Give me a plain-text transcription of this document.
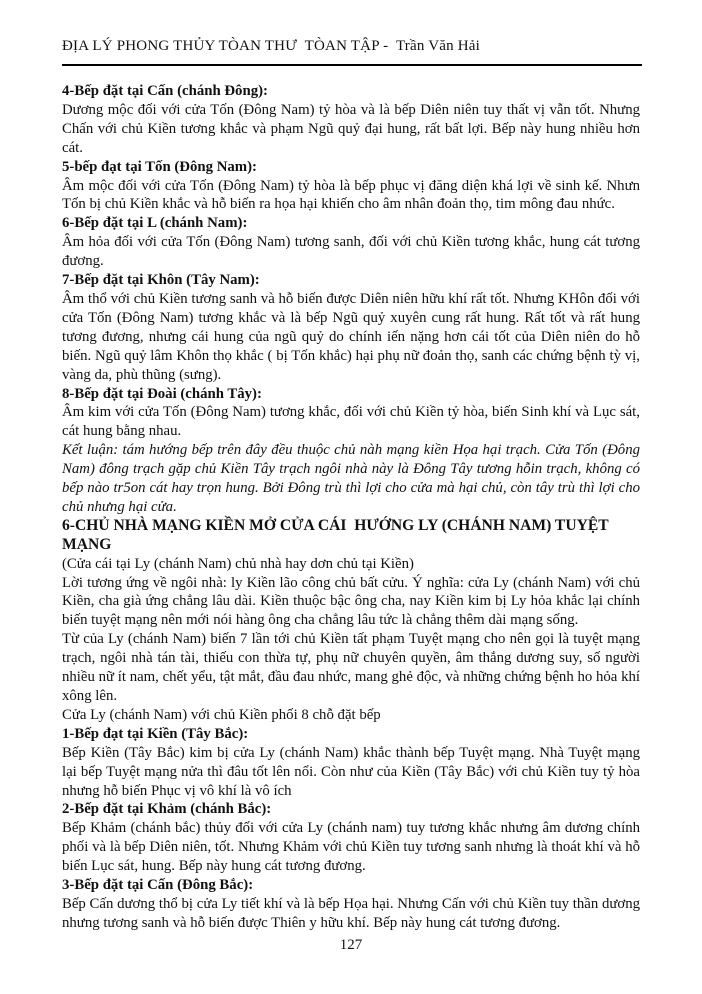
ĐỊA LÝ PHONG THỦY TÒAN THƯ  TÒAN TẬP -  Trần Văn Hải
4-Bếp đặt tại Cấn (chánh Đông):
Dương mộc đối với cửa Tốn (Đông Nam) tỷ hòa và là bếp Diên niên tuy thất vị vẫn tốt. Nhưng Chấn với chủ Kiền tương khắc và phạm Ngũ quỷ đại hung, rất bất lợi. Bếp này hung nhiều hơn cát.
5-bếp đạt tại Tốn (Đông Nam):
Âm mộc đối với cửa Tốn (Đông Nam) tỷ hòa là bếp phục vị đăng diện khá lợi về sinh kế. Nhưn Tốn bị chủ Kiền khắc và hỗ biến ra họa hại khiến cho âm nhân đoản thọ, tim mông đau nhức.
6-Bếp đặt tại L (chánh Nam):
Âm hỏa đối với cửa Tốn (Đông Nam) tương sanh, đối với chủ Kiền tương khắc, hung cát tương đương.
7-Bếp đặt tại Khôn (Tây Nam):
Âm thổ với chủ Kiền tương sanh và hỗ biến được Diên niên hữu khí rất tốt. Nhưng KHôn đối với cửa Tốn (Đông Nam) tương khắc và là bếp Ngũ quỷ xuyên cung rất hung. Rất tốt và rất hung tương đương, nhưng cái hung của ngũ quỷ do chính iến nặng hơn cái tốt của Diên niên do hỗ biến. Ngũ quỷ lâm Khôn thọ khắc ( bị Tốn khắc) hại phụ nữ đoản thọ, sanh các chứng bệnh tỳ vị, vàng da, phù thũng (sưng).
8-Bếp đặt tại Đoài (chánh Tây):
Âm kim với cửa Tốn (Đông Nam) tương khắc, đối với chủ Kiền tỷ hòa, biến Sinh khí và Lục sát, cát hung bằng nhau.
Kết luận: tám hướng bếp trên đây đều thuộc chủ nàh mạng kiền Họa hại trạch. Cửa Tốn (Đông Nam) đông trạch gặp chủ Kiền Tây trạch ngôi nhà này là Đông Tây tương hỗin trạch, không có bếp nào tr5on cát hay trọn hung. Bởi Đông trù thì lợi cho cửa mà hại chủ, còn tây trù thì lợi cho chủ nhưng hại cửa.
6-CHỦ NHÀ MẠNG KIỀN MỞ CỬA CÁI  HƯỚNG LY (CHÁNH NAM) TUYỆT MẠNG
(Cửa cái tại Ly (chánh Nam) chủ nhà hay dơn chủ tại Kiền)
Lời tương ứng về ngôi nhà: ly Kiền lão công chủ bất cửu. Ý nghĩa: cửa Ly (chánh Nam) với chủ Kiền, cha già ứng chẳng lâu dài. Kiền thuộc bậc ông cha, nay Kiền kim bị Ly hỏa khắc lại chính biến tuyệt mạng nên mới nói hàng ông cha chẳng lâu tức là chẳng thêm dài mạng sống.
Từ của Ly (chánh Nam) biến 7 lần tới chủ Kiền tất phạm Tuyệt mạng cho nên gọi là tuyệt mạng trạch, ngôi nhà tán tài, thiếu con thừa tự, phụ nữ chuyên quyền, âm thắng dương suy, số người nhiều nữ ít nam, chết yểu, tật mắt, đầu đau nhức, mang ghẻ độc, và những chứng bệnh ho hỏa khí xông lên.
Cửa Ly (chánh Nam) với chủ Kiền phối 8 chỗ đặt bếp
1-Bếp đạt tại Kiền (Tây Bắc):
Bếp Kiền (Tây Bắc) kim bị cửa Ly (chánh Nam) khắc thành bếp Tuyệt mạng. Nhà Tuyệt mạng lại bếp Tuyệt mạng nửa thì đâu tốt lên nổi. Còn như của Kiền (Tây Bắc) với chủ Kiền tuy tỷ hòa nhưng hỗ biến Phục vị vô khí là vô ích
2-Bếp đặt tại Khảm (chánh Bắc):
Bếp Khảm (chánh bắc) thủy đối với cửa Ly (chánh nam) tuy tương khắc nhưng âm dương chính phối và là bếp Diên niên, tốt. Nhưng Khảm với chủ Kiền tuy tương sanh nhưng là thoát khí và hỗ biến Lục sát, hung. Bếp này hung cát tương đương.
3-Bếp đặt tại Cấn (Đông Bắc):
Bếp Cấn dương thổ bị cửa Ly tiết khí và là bếp Họa hại. Nhưng Cấn với chủ Kiền tuy thần dương nhưng tương sanh và hỗ biến được Thiên y hữu khí. Bếp này hung cát tương đương.
127
